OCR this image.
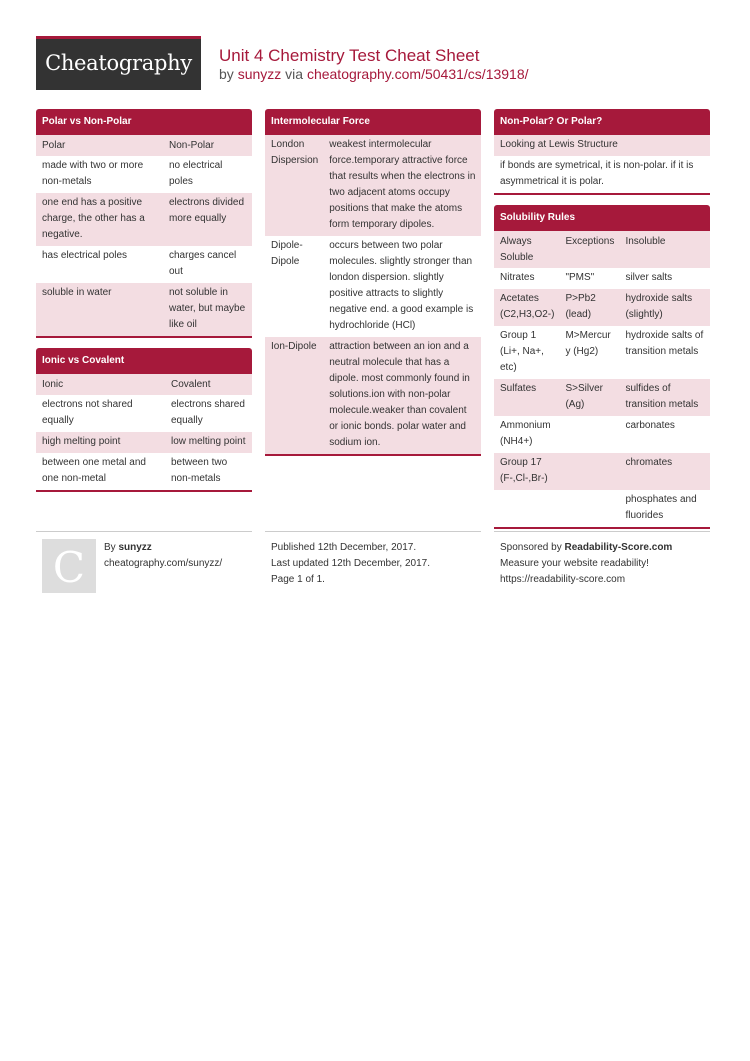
Cheatography	Unit 4 Chemistry Test Cheat Sheet
by sunyzz via cheatography.com/50431/cs/13918/
Polar vs Non-Polar
Polar	Non-Polar
made with two or more non-metals	no electrical poles
one end has a positive charge, the other has a negative.	electrons divided more equally
has electrical poles	charges cancel out
soluble in water	not soluble in water, but maybe like oil
Ionic vs Covalent
Ionic	Covalent
electrons not shared equally	electrons shared equally
high melting point	low melting point
between one metal and one non-metal	between two non-metals
Intermolecular Force
London Dispersion	weakest intermolecular force.temporary attractive force that results when the electrons in two adjacent atoms occupy positions that make the atoms form temporary dipoles.
Dipole-Dipole	occurs between two polar molecules. slightly stronger than london dispersion. slightly positive attracts to slightly negative end. a good example is hydrochloride (HCl)
Ion-Dipole	attraction between an ion and a neutral molecule that has a dipole. most commonly found in solutions.ion with non-polar molecule.weaker than covalent or ionic bonds. polar water and sodium ion.
Non-Polar? Or Polar?
Looking at Lewis Structure
if bonds are symetrical, it is non-polar. if it is asymmetrical it is polar.
Solubility Rules
Always Soluble	Exceptions	Insoluble
Nitrates	"PMS"	silver salts
Acetates (C2,H3,O2-)	P>Pb2 (lead)	hydroxide salts (slightly)
Group 1 (Li+, Na+, etc)	M>Mercury (Hg2)	hydroxide salts of transition metals
Sulfates	S>Silver (Ag)	sulfides of transition metals
Ammonium (NH4+)		carbonates
Group 17 (F-,Cl-,Br-)		chromates
		phosphates and fluorides
C	By sunyzz
cheatography.com/sunyzz/
Published 12th December, 2017.
Last updated 12th December, 2017.
Page 1 of 1.
Sponsored by Readability-Score.com
Measure your website readability!
https://readability-score.com
